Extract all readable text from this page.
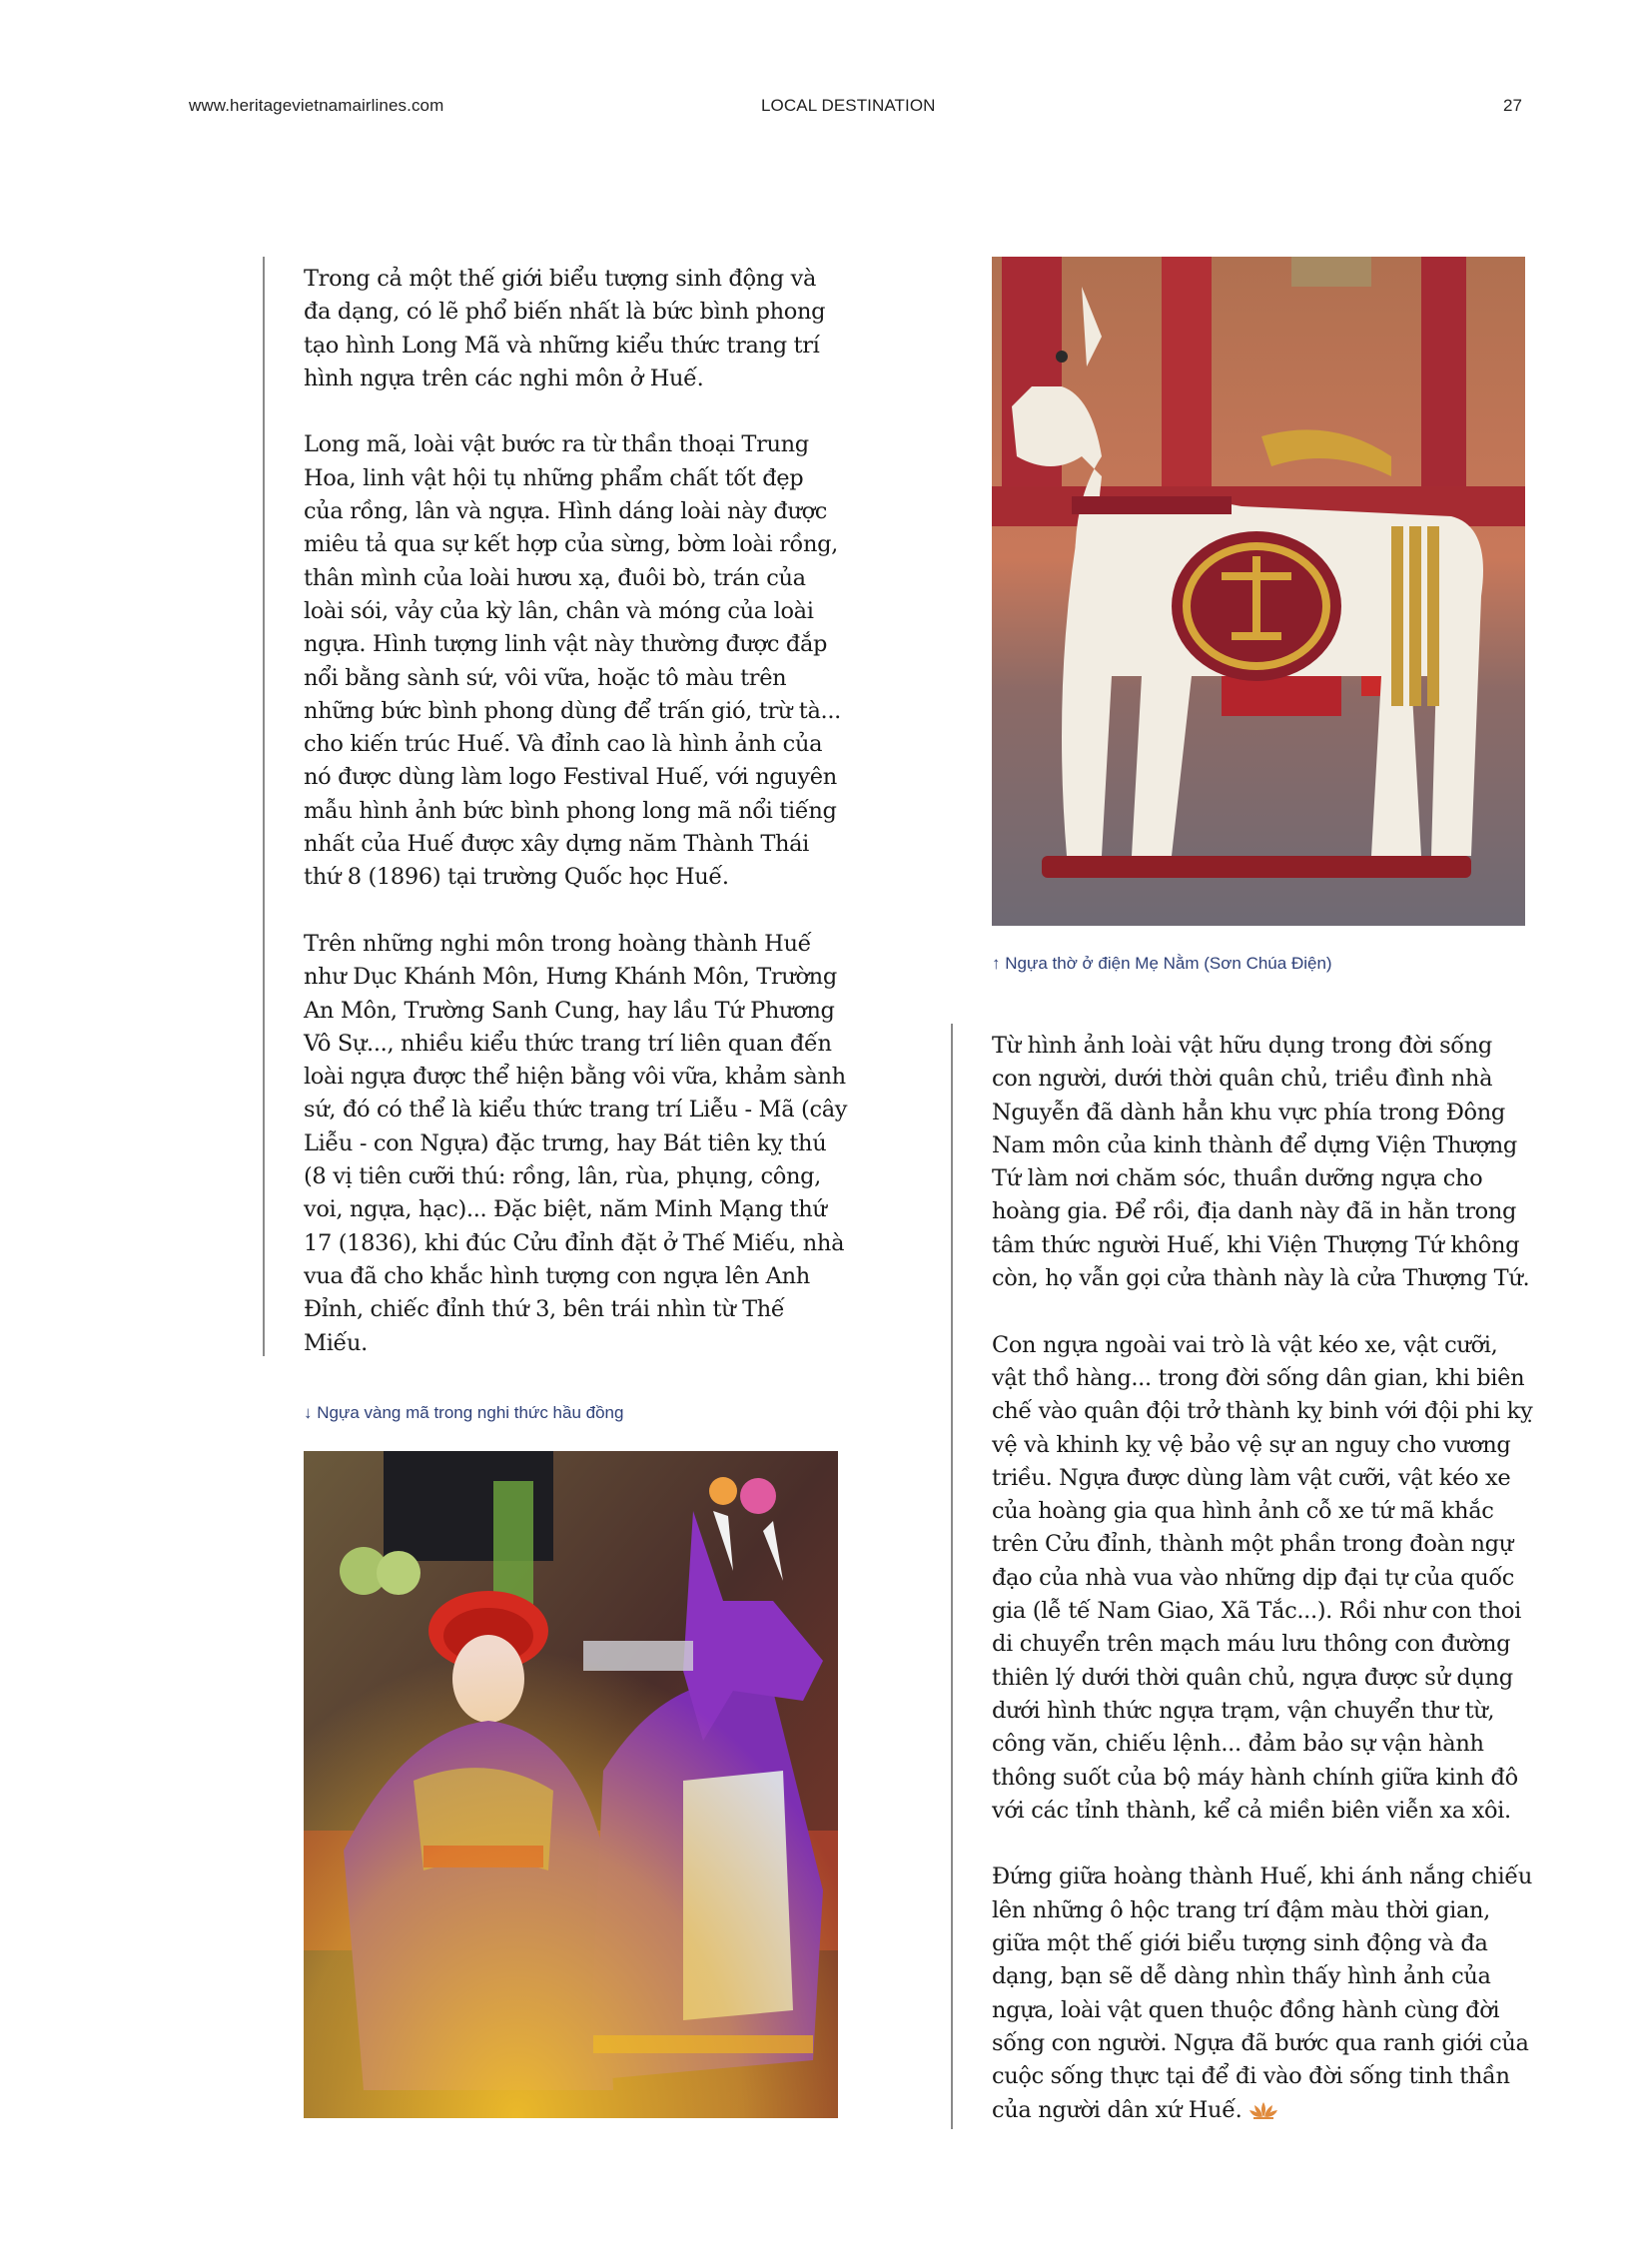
www.heritagevietnamairlines.com	LOCAL DESTINATION	27

Trong cả một thế giới biểu tượng sinh động và đa dạng, có lẽ phổ biến nhất là bức bình phong tạo hình Long Mã và những kiểu thức trang trí hình ngựa trên các nghi môn ở Huế.

Long mã, loài vật bước ra từ thần thoại Trung Hoa, linh vật hội tụ những phẩm chất tốt đẹp của rồng, lân và ngựa. Hình dáng loài này được miêu tả qua sự kết hợp của sừng, bờm loài rồng, thân mình của loài hươu xạ, đuôi bò, trán của loài sói, vảy của kỳ lân, chân và móng của loài ngựa. Hình tượng linh vật này thường được đắp nổi bằng sành sứ, vôi vữa, hoặc tô màu trên những bức bình phong dùng để trấn gió, trừ tà... cho kiến trúc Huế. Và đỉnh cao là hình ảnh của nó được dùng làm logo Festival Huế, với nguyên mẫu hình ảnh bức bình phong long mã nổi tiếng nhất của Huế được xây dựng năm Thành Thái thứ 8 (1896) tại trường Quốc học Huế.

Trên những nghi môn trong hoàng thành Huế như Dục Khánh Môn, Hưng Khánh Môn, Trường An Môn, Trường Sanh Cung, hay lầu Tứ Phương Vô Sự..., nhiều kiểu thức trang trí liên quan đến loài ngựa được thể hiện bằng vôi vữa, khảm sành sứ, đó có thể là kiểu thức trang trí Liễu - Mã (cây Liễu - con Ngựa) đặc trưng, hay Bát tiên kỵ thú (8 vị tiên cưỡi thú: rồng, lân, rùa, phụng, công, voi, ngựa, hạc)... Đặc biệt, năm Minh Mạng thứ 17 (1836), khi đúc Cửu đỉnh đặt ở Thế Miếu, nhà vua đã cho khắc hình tượng con ngựa lên Anh Đỉnh, chiếc đỉnh thứ 3, bên trái nhìn từ Thế Miếu.

↓ Ngựa vàng mã trong nghi thức hầu đồng
↑ Ngựa thờ ở điện Mẹ Nằm (Sơn Chúa Điện)

Từ hình ảnh loài vật hữu dụng trong đời sống con người, dưới thời quân chủ, triều đình nhà Nguyễn đã dành hẳn khu vực phía trong Đông Nam môn của kinh thành để dựng Viện Thượng Tứ làm nơi chăm sóc, thuần dưỡng ngựa cho hoàng gia. Để rồi, địa danh này đã in hằn trong tâm thức người Huế, khi Viện Thượng Tứ không còn, họ vẫn gọi cửa thành này là cửa Thượng Tứ.

Con ngựa ngoài vai trò là vật kéo xe, vật cưỡi, vật thồ hàng... trong đời sống dân gian, khi biên chế vào quân đội trở thành kỵ binh với đội phi kỵ vệ và khinh kỵ vệ bảo vệ sự an nguy cho vương triều. Ngựa được dùng làm vật cưỡi, vật kéo xe của hoàng gia qua hình ảnh cỗ xe tứ mã khắc trên Cửu đỉnh, thành một phần trong đoàn ngự đạo của nhà vua vào những dịp đại tự của quốc gia (lễ tế Nam Giao, Xã Tắc...). Rồi như con thoi di chuyển trên mạch máu lưu thông con đường thiên lý dưới thời quân chủ, ngựa được sử dụng dưới hình thức ngựa trạm, vận chuyển thư từ, công văn, chiếu lệnh... đảm bảo sự vận hành thông suốt của bộ máy hành chính giữa kinh đô với các tỉnh thành, kể cả miền biên viễn xa xôi.

Đứng giữa hoàng thành Huế, khi ánh nắng chiếu lên những ô hộc trang trí đậm màu thời gian, giữa một thế giới biểu tượng sinh động và đa dạng, bạn sẽ dễ dàng nhìn thấy hình ảnh của ngựa, loài vật quen thuộc đồng hành cùng đời sống con người. Ngựa đã bước qua ranh giới của cuộc sống thực tại để đi vào đời sống tinh thần của người dân xứ Huế.
